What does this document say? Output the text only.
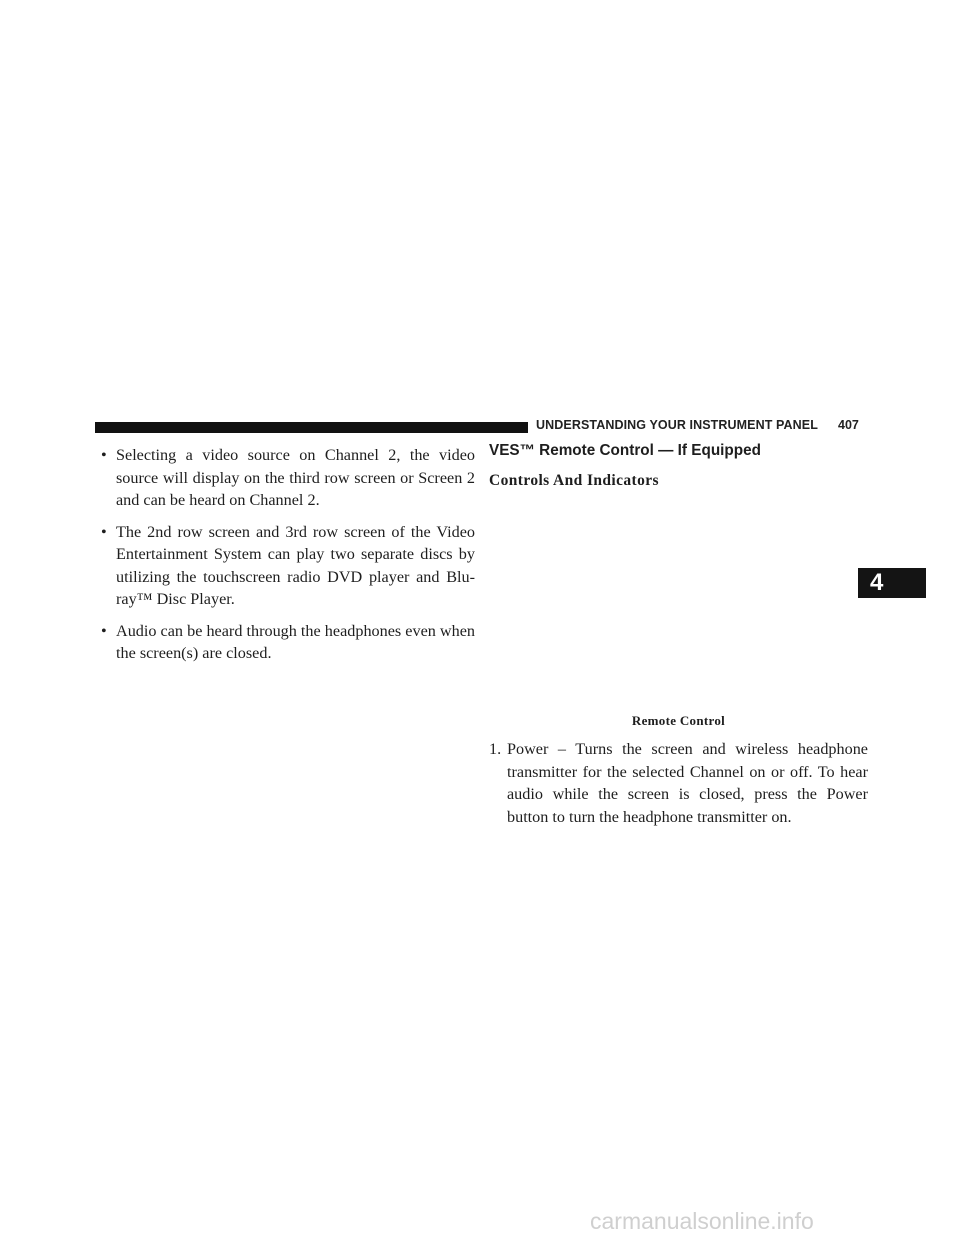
UNDERSTANDING YOUR INSTRUMENT PANEL	407
• Selecting a video source on Channel 2, the video source will display on the third row screen or Screen 2 and can be heard on Channel 2.
• The 2nd row screen and 3rd row screen of the Video Entertainment System can play two separate discs by utilizing the touchscreen radio DVD player and Blu-ray™ Disc Player.
• Audio can be heard through the headphones even when the screen(s) are closed.
VES™ Remote Control — If Equipped
Controls And Indicators
Remote Control
1. Power – Turns the screen and wireless headphone transmitter for the selected Channel on or off. To hear audio while the screen is closed, press the Power button to turn the headphone transmitter on.
4
carmanualsonline.info
